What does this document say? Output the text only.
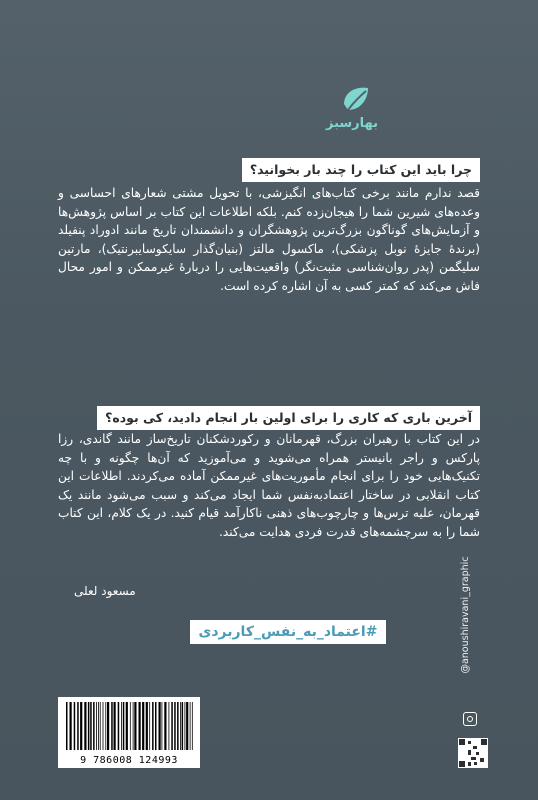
بهارسبز
چرا باید این کتاب را چند بار بخوانید؟
قصد ندارم مانند برخی کتاب‌های انگیزشی، با تحویل مشتی شعارهای احساسی و وعده‌های شیرین شما را هیجان‌زده کنم. بلکه اطلاعات این کتاب بر اساس پژوهش‌ها و آزمایش‌های گوناگون بزرگ‌ترین پژوهشگران و دانشمندان تاریخ مانند ادوراد پنفیلد (برندهٔ جایزهٔ نوبل پزشکی)، ماکسول مالتز (بنیان‌گذار سایکوسایبرنتیک)، مارتین سلیگمن (پدر روان‌شناسی مثبت‌نگر) واقعیت‌هایی را دربارهٔ غیرممکن و امور محال فاش می‌کند که کمتر کسی به آن اشاره کرده است.
آخرین باری که کاری را برای اولین بار انجام دادید، کی بوده؟
در این کتاب با رهبران بزرگ، قهرمانان و رکوردشکنان تاریخ‌ساز مانند گاندی، رزا پارکس و راجر بانیستر همراه می‌شوید و می‌آموزید که آن‌ها چگونه و با چه تکنیک‌هایی خود را برای انجام مأموریت‌های غیرممکن آماده می‌کردند. اطلاعات این کتاب انقلابی در ساختار اعتمادبه‌نفس شما ایجاد می‌کند و سبب می‌شود مانند یک قهرمان، علیه ترس‌ها و چارچوب‌های ذهنی ناکارآمد قیام کنید. در یک کلام، این کتاب شما را به سرچشمه‌های قدرت فردی هدایت می‌کند.
مسعود لعلی
#اعتماد_به_نفس_کاربردی
9 786008 124993
@anoushiravani_graphic
